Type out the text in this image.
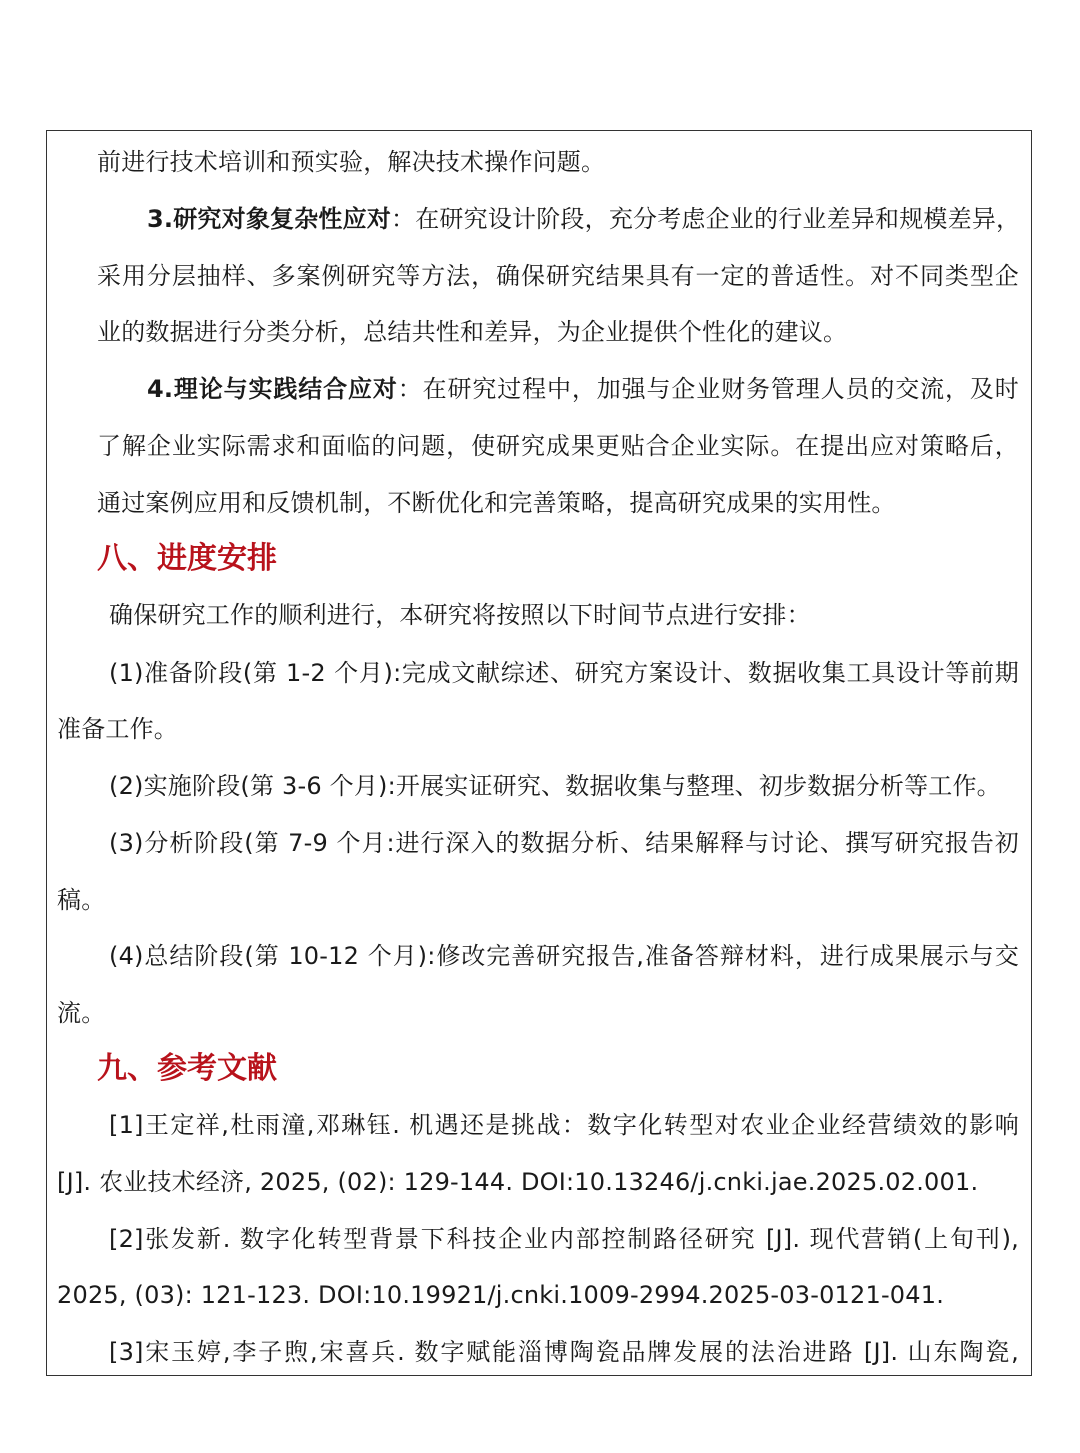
前进行技术培训和预实验，解决技术操作问题。
3.研究对象复杂性应对：在研究设计阶段，充分考虑企业的行业差异和规模差异，
采用分层抽样、多案例研究等方法，确保研究结果具有一定的普适性。对不同类型企
业的数据进行分类分析，总结共性和差异，为企业提供个性化的建议。
4.理论与实践结合应对：在研究过程中，加强与企业财务管理人员的交流，及时
了解企业实际需求和面临的问题，使研究成果更贴合企业实际。在提出应对策略后，
通过案例应用和反馈机制，不断优化和完善策略，提高研究成果的实用性。
八、进度安排
确保研究工作的顺利进行，本研究将按照以下时间节点进行安排：
(1)准备阶段(第 1-2 个月):完成文献综述、研究方案设计、数据收集工具设计等前期
准备工作。
(2)实施阶段(第 3-6 个月):开展实证研究、数据收集与整理、初步数据分析等工作。
(3)分析阶段(第 7-9 个月:进行深入的数据分析、结果解释与讨论、撰写研究报告初
稿。
(4)总结阶段(第 10-12 个月):修改完善研究报告,准备答辩材料，进行成果展示与交
流。
九、参考文献
[1]王定祥,杜雨潼,邓琳钰. 机遇还是挑战：数字化转型对农业企业经营绩效的影响
[J]. 农业技术经济, 2025, (02): 129-144. DOI:10.13246/j.cnki.jae.2025.02.001.
[2]张发新. 数字化转型背景下科技企业内部控制路径研究 [J]. 现代营销(上旬刊),
2025, (03): 121-123. DOI:10.19921/j.cnki.1009-2994.2025-03-0121-041.
[3]宋玉婷,李子煦,宋喜兵. 数字赋能淄博陶瓷品牌发展的法治进路 [J]. 山东陶瓷,
